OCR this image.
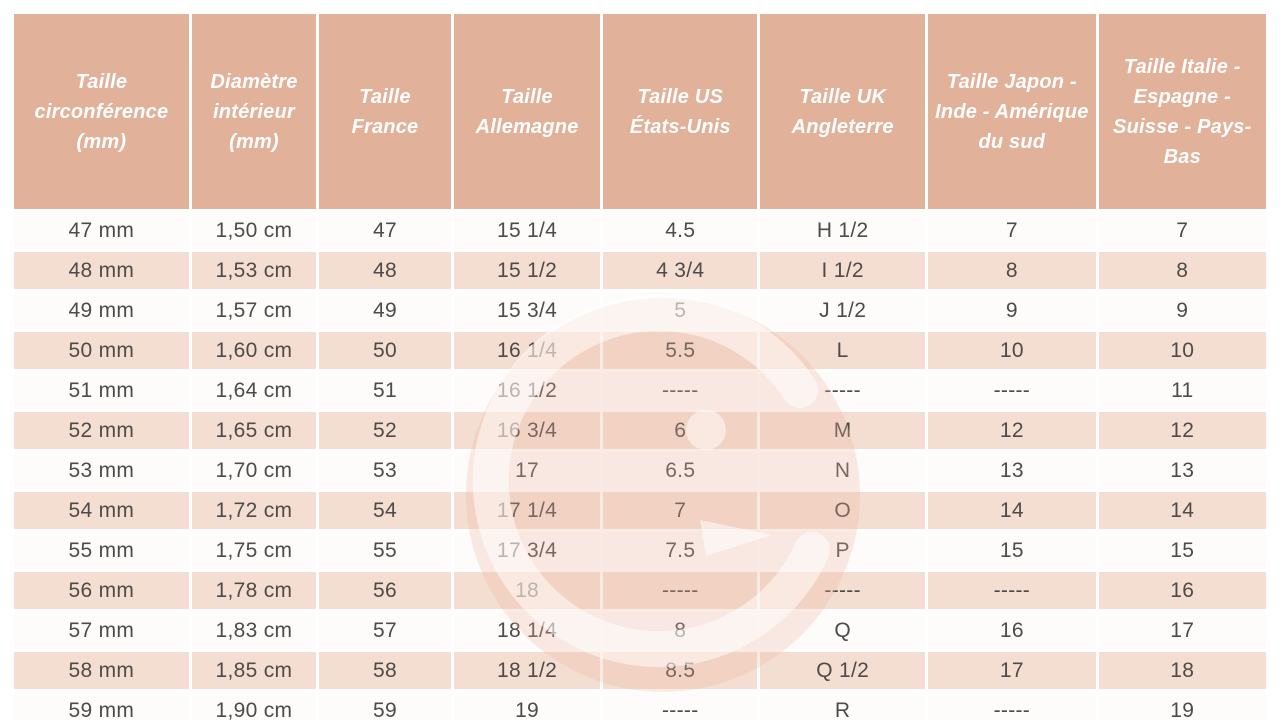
Taille circonférence (mm)	Diamètre intérieur (mm)	Taille France	Taille Allemagne	Taille US États-Unis	Taille UK Angleterre	Taille Japon - Inde - Amérique du sud	Taille Italie - Espagne - Suisse - Pays-Bas
47 mm	1,50 cm	47	15 1/4	4.5	H 1/2	7	7
48 mm	1,53 cm	48	15 1/2	4 3/4	I 1/2	8	8
49 mm	1,57 cm	49	15 3/4	5	J 1/2	9	9
50 mm	1,60 cm	50	16 1/4	5.5	L	10	10
51 mm	1,64 cm	51	16 1/2	-----	-----	-----	11
52 mm	1,65 cm	52	16 3/4	6	M	12	12
53 mm	1,70 cm	53	17	6.5	N	13	13
54 mm	1,72 cm	54	17 1/4	7	O	14	14
55 mm	1,75 cm	55	17 3/4	7.5	P	15	15
56 mm	1,78 cm	56	18	-----	-----	-----	16
57 mm	1,83 cm	57	18 1/4	8	Q	16	17
58 mm	1,85 cm	58	18 1/2	8.5	Q 1/2	17	18
59 mm	1,90 cm	59	19	-----	R	-----	19
